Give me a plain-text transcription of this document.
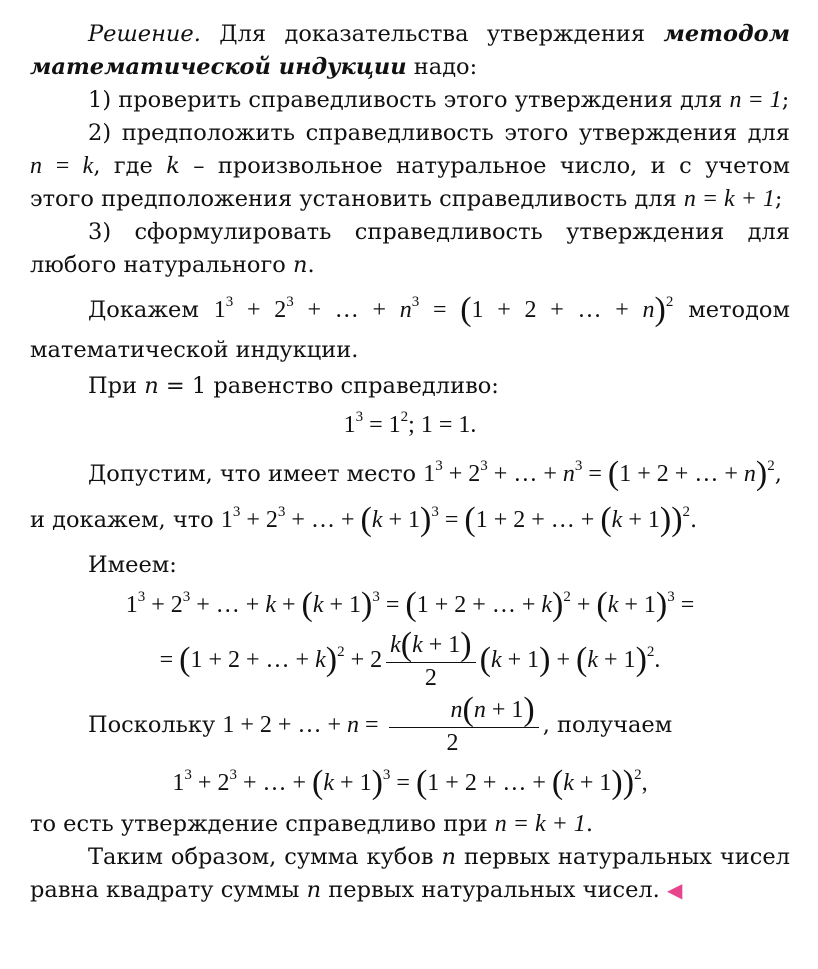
Решение. Для доказательства утверждения методом математической индукции надо:

1) проверить справедливость этого утверждения для n = 1;

2) предположить справедливость этого утверждения для n = k, где k – произвольное натуральное число, и с учетом этого предположения установить справедливость для n = k + 1;

3) сформулировать справедливость утверждения для любого натурального n.

Докажем $1^3 + 2^3$ + … + $n^3 = (1 + 2$ + … + n)$^2$ методом математической индукции.

При n = 1 равенство справедливо:

$1^3 = 1^2$; 1 = 1.

Допустим, что имеет место $1^3 + 2^3$ + … + $n^3 = (1 + 2$ + … + n)$^2$,

и докажем, что $1^3 + 2^3$ + … + $(k + 1)^3 = (1 + 2$ + … + (k + 1))$^2$.

Имеем:

$1^3 + 2^3$ + … + $k + (k + 1)^3 = (1 + 2$ + … + $k)^2 + (k + 1)^3$ =

= (1 + 2 + … + $k)^2 + 2 \frac{k(k + 1)}{2} (k + 1) + (k + 1)^2$.

Поскольку 1 + 2 + … + $n = \frac{n(n + 1)}{2}$ , получаем

$1^3 + 2^3$ + … + $(k + 1)^3 = (1 + 2$ + … + (k + 1))$^2$,

то есть утверждение справедливо при n = k + 1.

Таким образом, сумма кубов n первых натуральных чисел равна квадрату суммы n первых натуральных чисел. ◀
